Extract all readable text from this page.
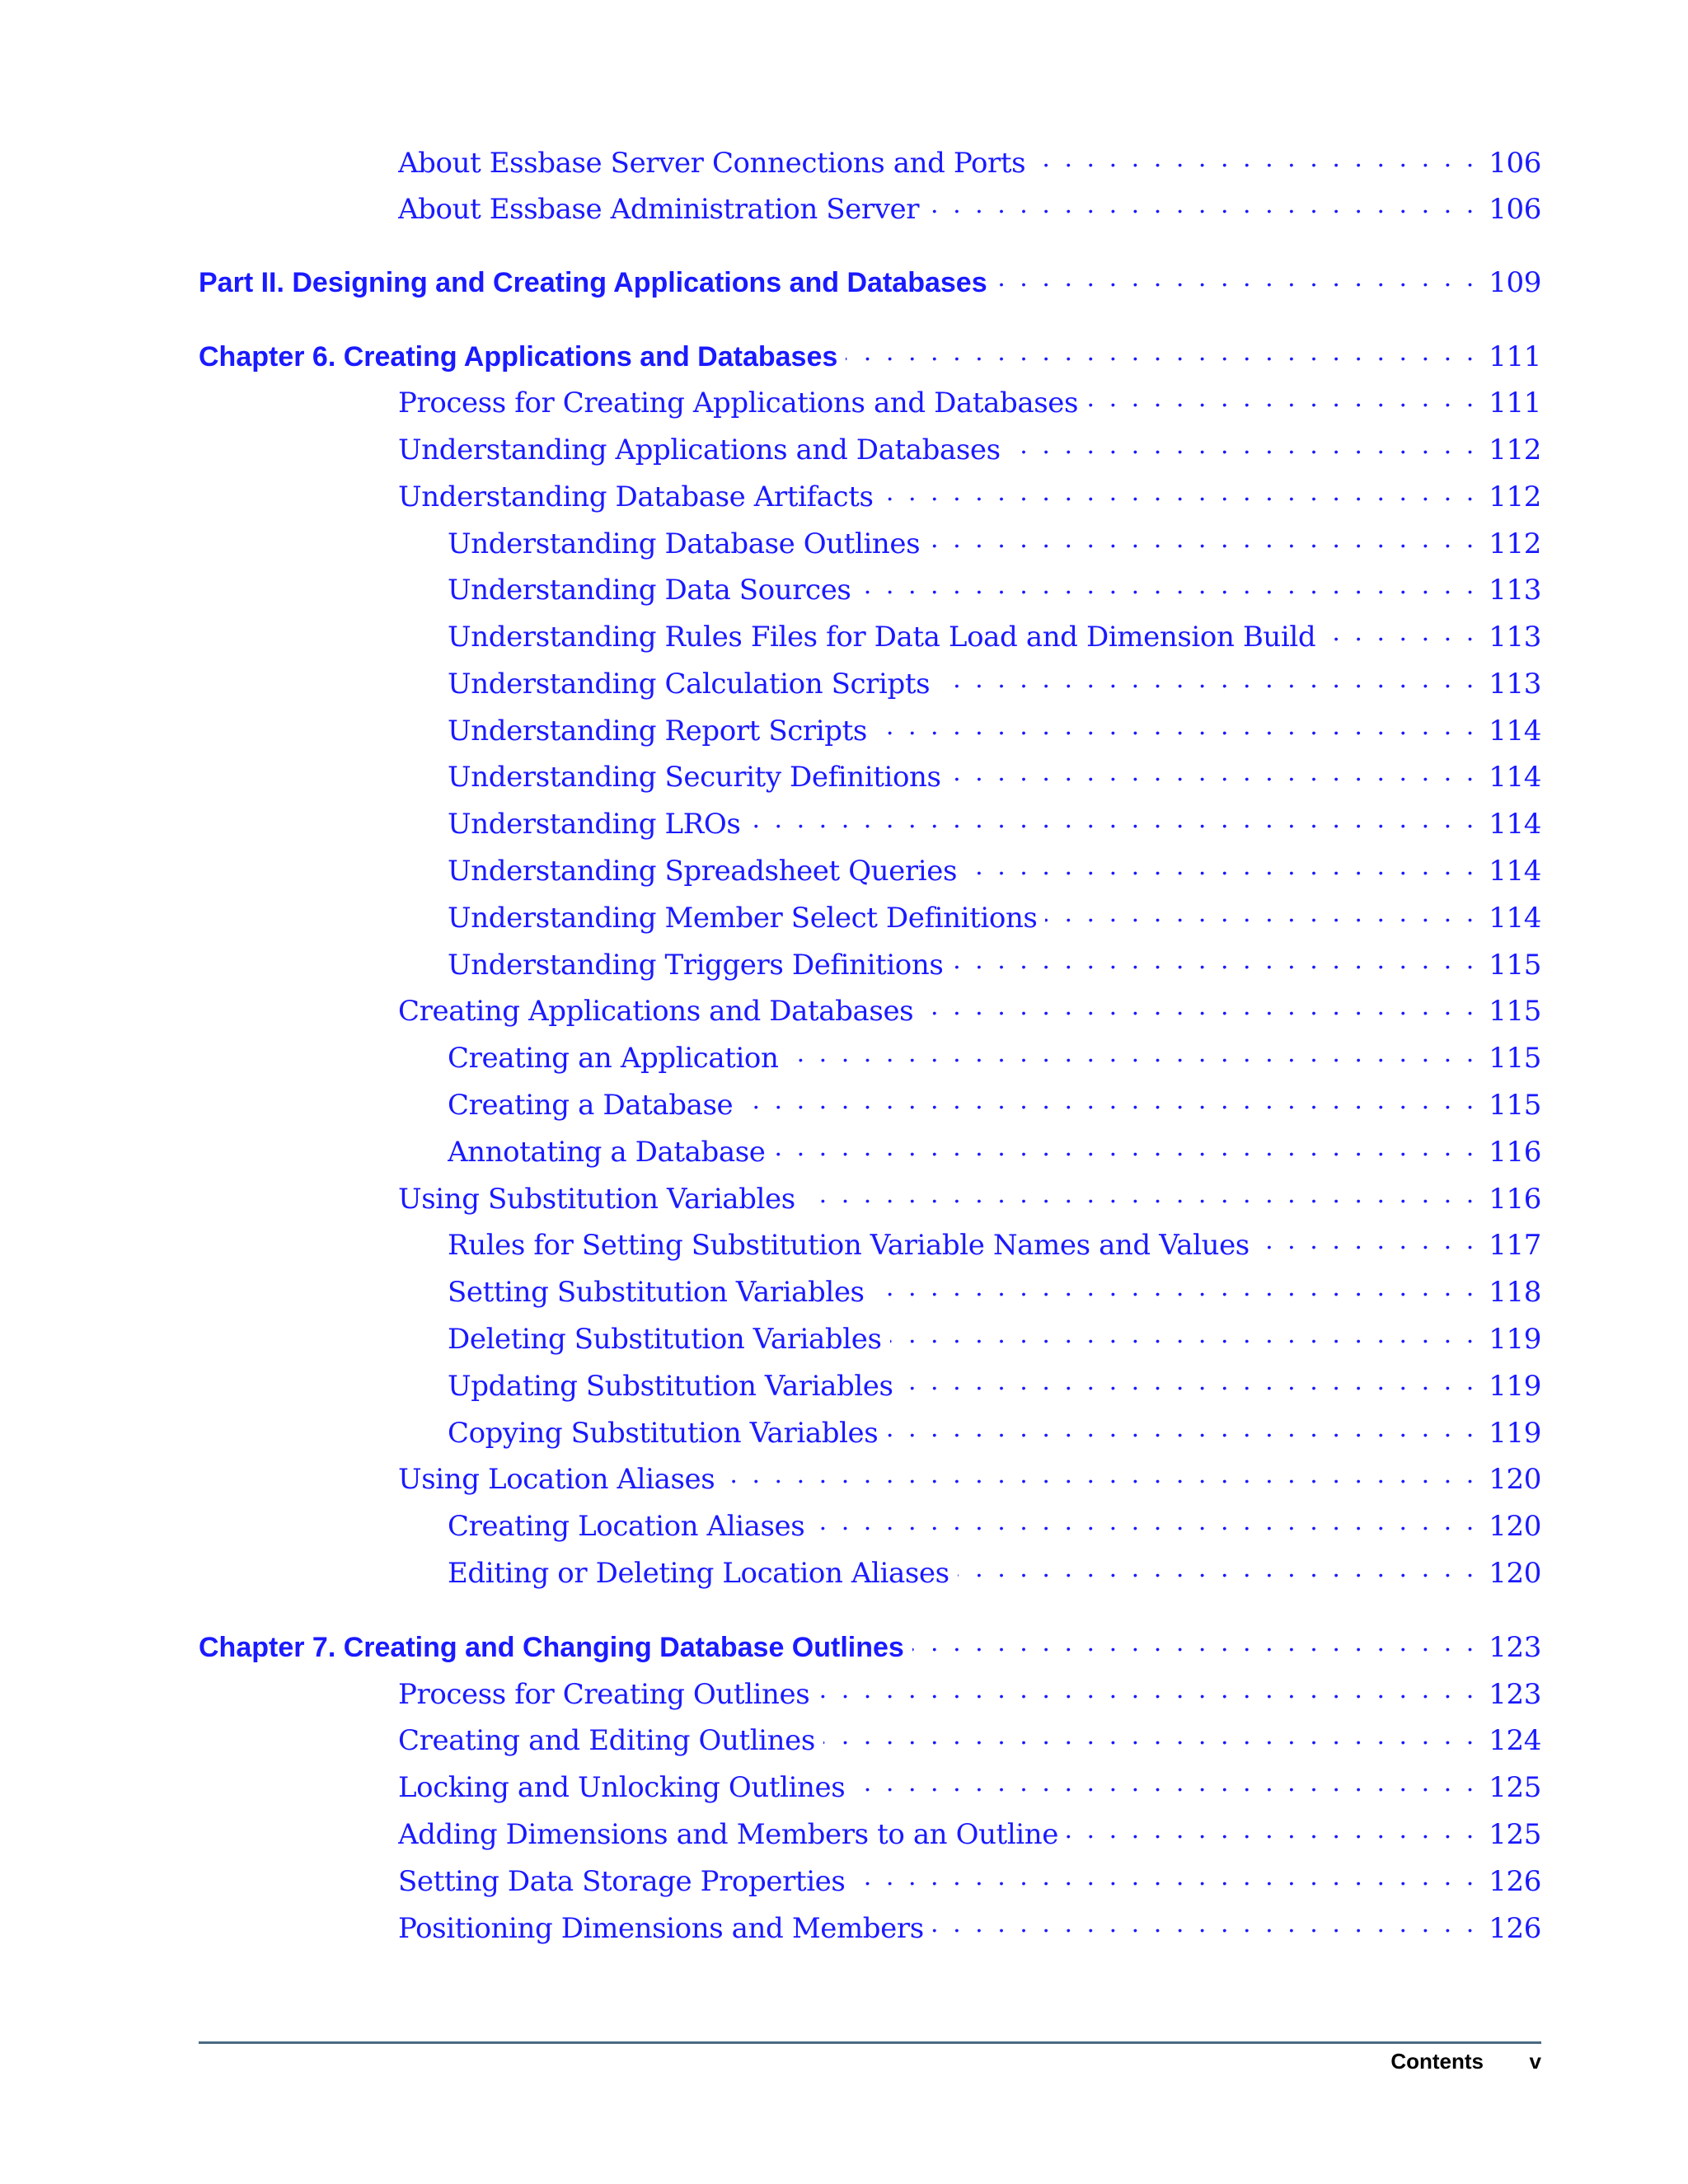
About Essbase Server Connections and Ports . . .	106
About Essbase Administration Server . . .	106
Part II. Designing and Creating Applications and Databases . . .	109
Chapter 6. Creating Applications and Databases . . .	111
Process for Creating Applications and Databases . . .	111
Understanding Applications and Databases . . .	112
Understanding Database Artifacts . . .	112
Understanding Database Outlines . . .	112
Understanding Data Sources . . .	113
Understanding Rules Files for Data Load and Dimension Build . . .	113
Understanding Calculation Scripts . . .	113
Understanding Report Scripts . . .	114
Understanding Security Definitions . . .	114
Understanding LROs . . .	114
Understanding Spreadsheet Queries . . .	114
Understanding Member Select Definitions . . .	114
Understanding Triggers Definitions . . .	115
Creating Applications and Databases . . .	115
Creating an Application . . .	115
Creating a Database . . .	115
Annotating a Database . . .	116
Using Substitution Variables . . .	116
Rules for Setting Substitution Variable Names and Values . . .	117
Setting Substitution Variables . . .	118
Deleting Substitution Variables . . .	119
Updating Substitution Variables . . .	119
Copying Substitution Variables . . .	119
Using Location Aliases . . .	120
Creating Location Aliases . . .	120
Editing or Deleting Location Aliases . . .	120
Chapter 7. Creating and Changing Database Outlines . . .	123
Process for Creating Outlines . . .	123
Creating and Editing Outlines . . .	124
Locking and Unlocking Outlines . . .	125
Adding Dimensions and Members to an Outline . . .	125
Setting Data Storage Properties . . .	126
Positioning Dimensions and Members . . .	126
Contents	v
